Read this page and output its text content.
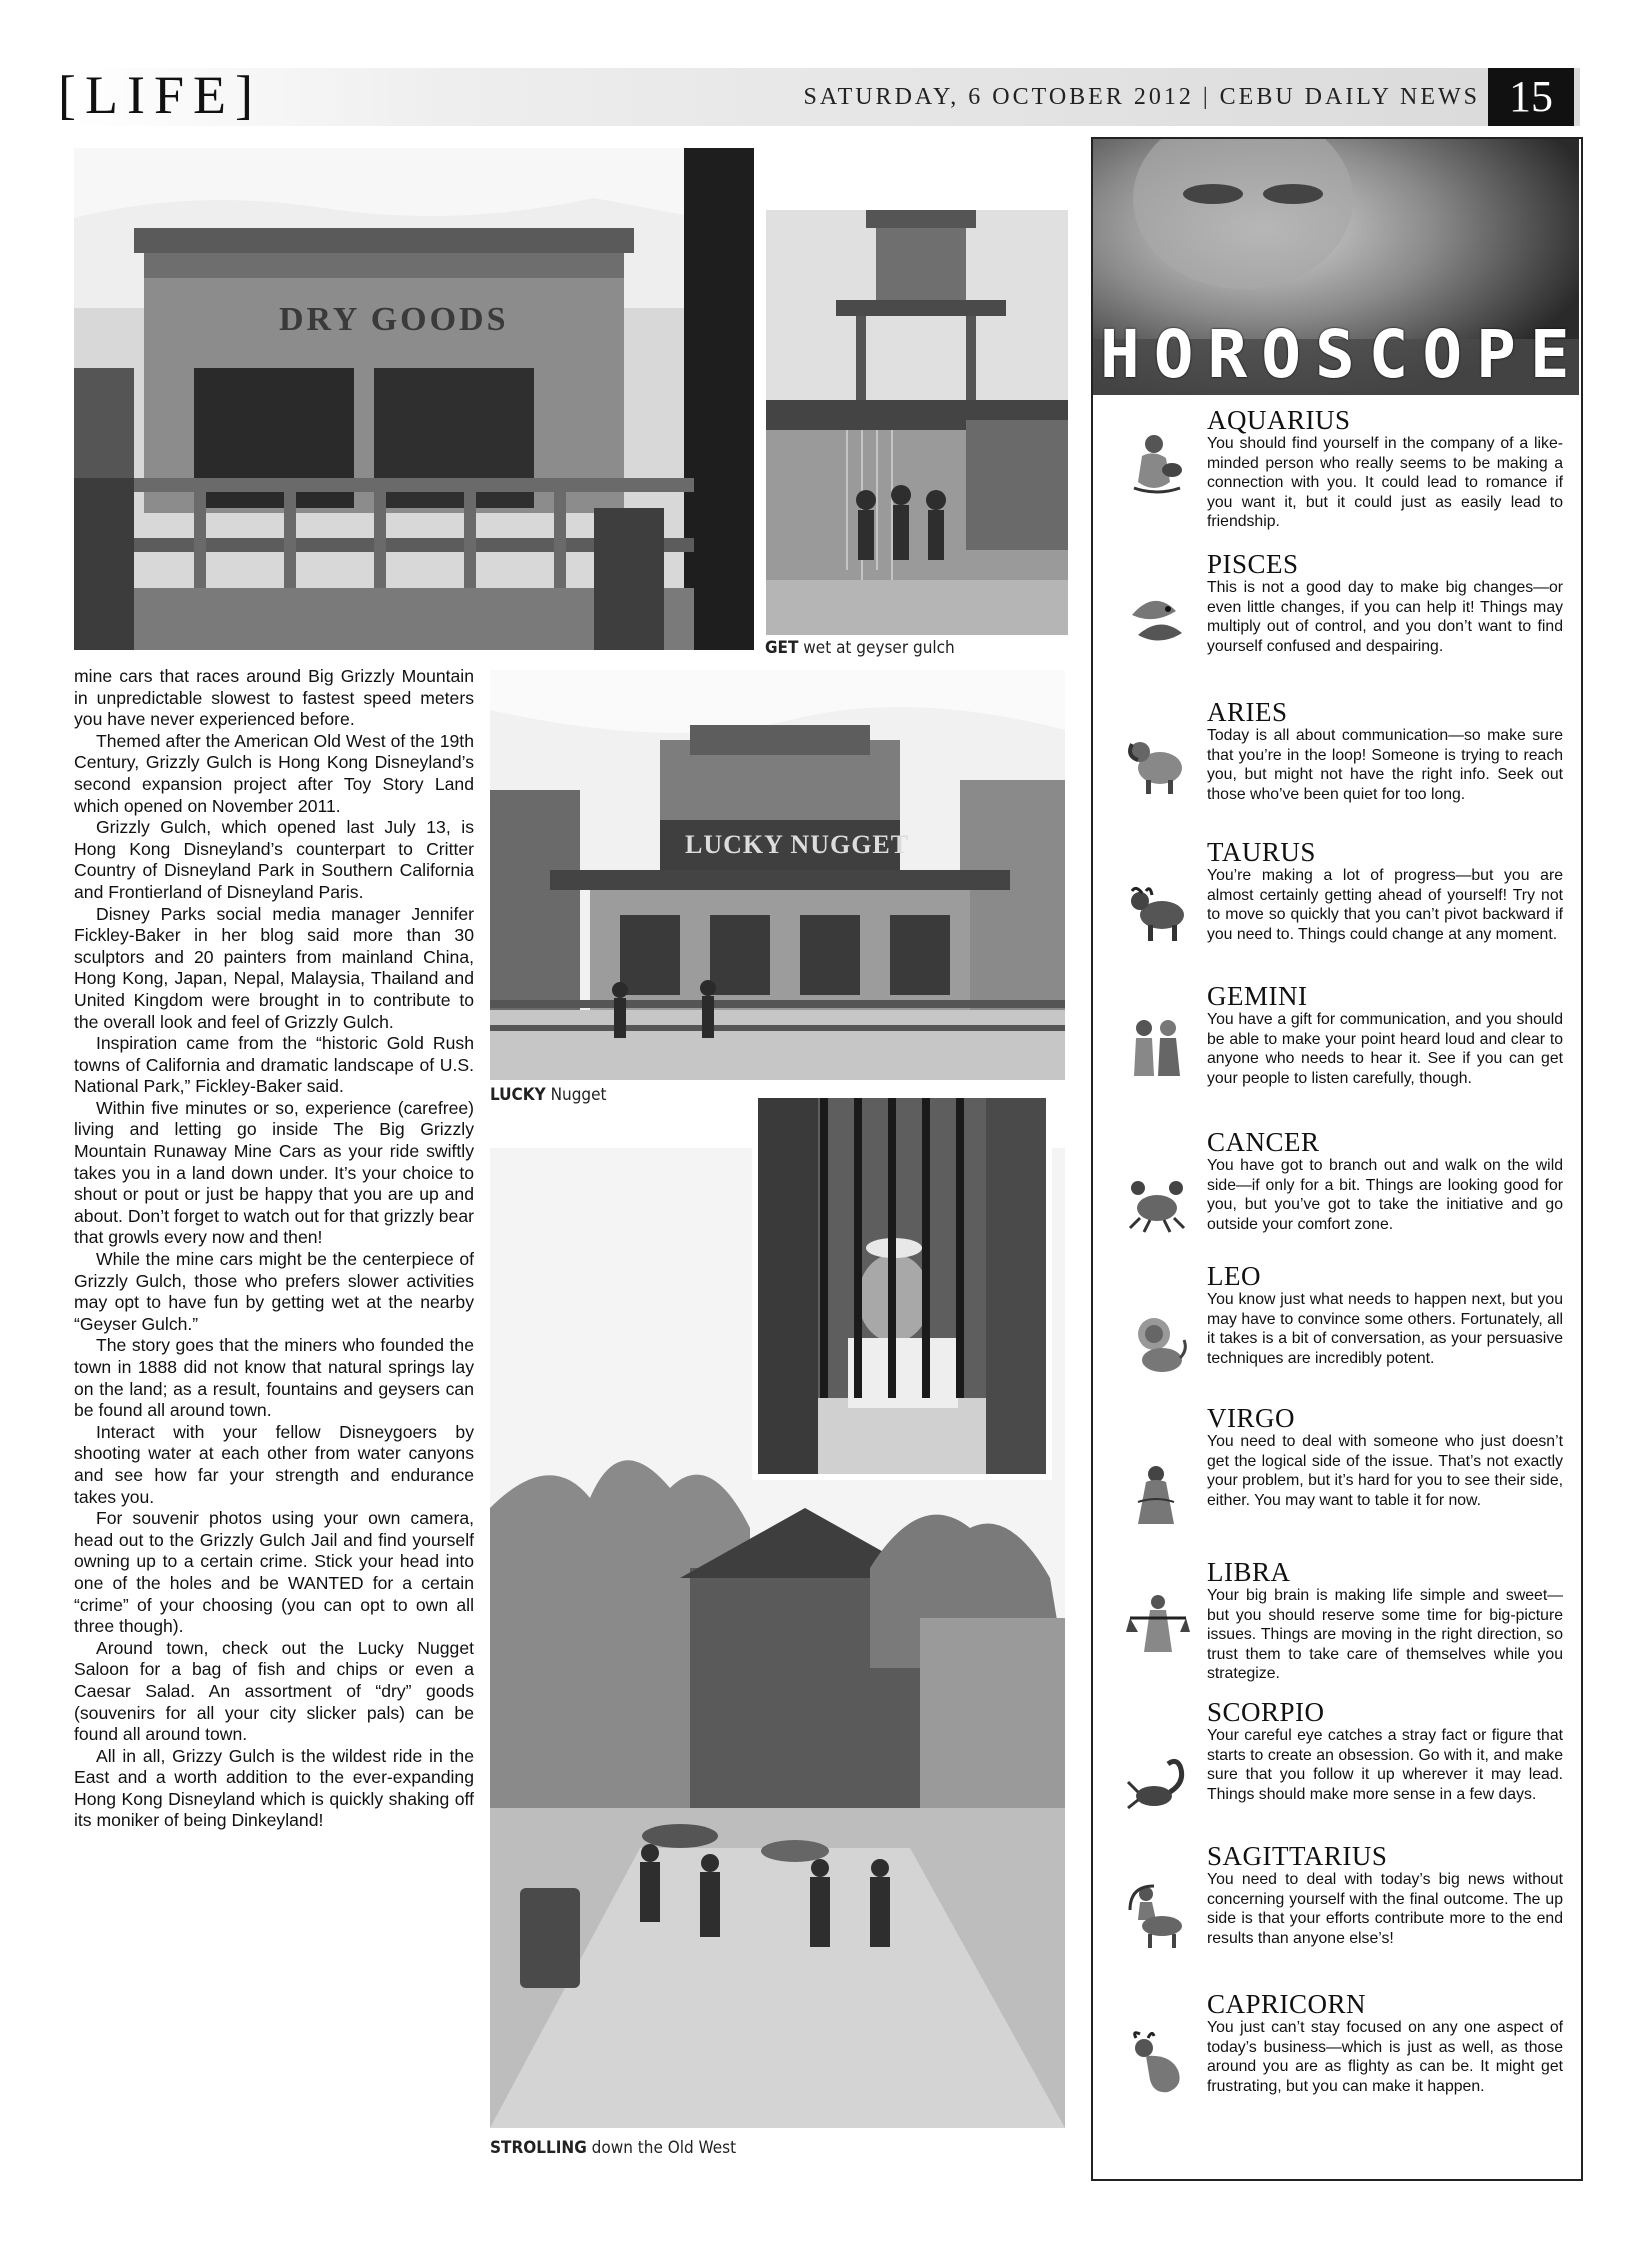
[LIFE]	SATURDAY, 6 OCTOBER 2012 | CEBU DAILY NEWS 15
DRY GOODS
GET wet at geyser gulch
LUCKY NUGGET
LUCKY Nugget
STROLLING down the Old West

mine cars that races around Big Grizzly Mountain in unpredictable slowest to fastest speed meters you have never experienced before.

Themed after the American Old West of the 19th Century, Grizzly Gulch is Hong Kong Disneyland’s second expansion project after Toy Story Land which opened on November 2011.

Grizzly Gulch, which opened last July 13, is Hong Kong Disneyland’s counterpart to Critter Country of Disneyland Park in Southern California and Frontierland of Disneyland Paris.

Disney Parks social media manager Jennifer Fickley-Baker in her blog said more than 30 sculptors and 20 painters from mainland China, Hong Kong, Japan, Nepal, Malaysia, Thailand and United Kingdom were brought in to contribute to the overall look and feel of Grizzly Gulch.

Inspiration came from the “historic Gold Rush towns of California and dramatic landscape of U.S. National Park,” Fickley-Baker said.

Within five minutes or so, experience (carefree) living and letting go inside The Big Grizzly Mountain Runaway Mine Cars as your ride swiftly takes you in a land down under. It’s your choice to shout or pout or just be happy that you are up and about. Don’t forget to watch out for that grizzly bear that growls every now and then!

While the mine cars might be the centerpiece of Grizzly Gulch, those who prefers slower activities may opt to have fun by getting wet at the nearby “Geyser Gulch.”

The story goes that the miners who founded the town in 1888 did not know that natural springs lay on the land; as a result, fountains and geysers can be found all around town.

Interact with your fellow Disneygoers by shooting water at each other from water canyons and see how far your strength and endurance takes you.

For souvenir photos using your own camera, head out to the Grizzly Gulch Jail and find yourself owning up to a certain crime. Stick your head into one of the holes and be WANTED for a certain “crime” of your choosing (you can opt to own all three though).

Around town, check out the Lucky Nugget Saloon for a bag of fish and chips or even a Caesar Salad. An assortment of “dry” goods (souvenirs for all your city slicker pals) can be found all around town.

All in all, Grizzy Gulch is the wildest ride in the East and a worth addition to the ever-expanding Hong Kong Disneyland which is quickly shaking off its moniker of being Dinkeyland!

HOROSCOPE
AQUARIUS

You should find yourself in the company of a like-minded person who really seems to be making a connection with you. It could lead to romance if you want it, but it could just as easily lead to friendship.

PISCES

This is not a good day to make big changes—or even little changes, if you can help it! Things may multiply out of control, and you don’t want to find yourself confused and despairing.

ARIES

Today is all about communication—so make sure that you’re in the loop! Someone is trying to reach you, but might not have the right info. Seek out those who’ve been quiet for too long.

TAURUS

You’re making a lot of progress—but you are almost certainly getting ahead of yourself! Try not to move so quickly that you can’t pivot backward if you need to. Things could change at any moment.

GEMINI

You have a gift for communication, and you should be able to make your point heard loud and clear to anyone who needs to hear it. See if you can get your people to listen carefully, though.

CANCER

You have got to branch out and walk on the wild side—if only for a bit. Things are looking good for you, but you’ve got to take the initiative and go outside your comfort zone.

LEO

You know just what needs to happen next, but you may have to convince some others. Fortunately, all it takes is a bit of conversation, as your persuasive techniques are incredibly potent.

VIRGO

You need to deal with someone who just doesn’t get the logical side of the issue. That’s not exactly your problem, but it’s hard for you to see their side, either. You may want to table it for now.

LIBRA

Your big brain is making life simple and sweet—but you should reserve some time for big-picture issues. Things are moving in the right direction, so trust them to take care of themselves while you strategize.

SCORPIO

Your careful eye catches a stray fact or figure that starts to create an obsession. Go with it, and make sure that you follow it up wherever it may lead. Things should make more sense in a few days.

SAGITTARIUS

You need to deal with today’s big news without concerning yourself with the final outcome. The up side is that your efforts contribute more to the end results than anyone else’s!

CAPRICORN

You just can’t stay focused on any one aspect of today’s business—which is just as well, as those around you are as flighty as can be. It might get frustrating, but you can make it happen.
